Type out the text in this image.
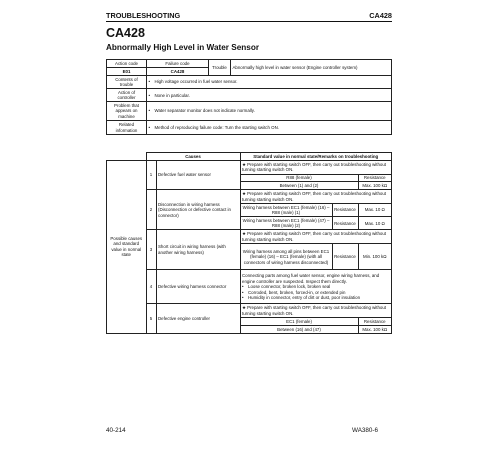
TROUBLESHOOTING	CA428
CA428
Abnormally High Level in Water Sensor
Action code	Failure code	Trouble	Abnormally high level in water sensor (Engine controller system)
E01	CA428		
Contents of trouble	• High voltage occurred in fuel water sensor.		
Action of controller	• None in particular.		
Problem that appears on machine	• Water separator monitor does not indicate normally.		
Related information	• Method of reproducing failure code: Turn the starting switch ON.		
	Causes		Standard value in normal state/Remarks on troubleshooting		
Possible causes and standard value in normal state	1	Defective fuel water sensor	★ Prepare with starting switch OFF, then carry out troubleshooting without turning starting switch ON.		
			R88 (female)		Resistance
			Between (1) and (2)		Max. 100 kΩ
	2	Disconnection in wiring harness (Disconnection or defective contact in connector)	★ Prepare with starting switch OFF, then carry out troubleshooting without turning starting switch ON.		
			Wiring harness between EC1 (female) (16) – R88 (male) (1)	Resistance	Max. 10 Ω
			Wiring harness between EC1 (female) (47) – R88 (male) (2)	Resistance	Max. 10 Ω
	3	Short circuit in wiring harness (with another wiring harness)	★ Prepare with starting switch OFF, then carry out troubleshooting without turning starting switch ON.		
			Wiring harness among all pins between EC1 (female) (16) – EC1 (female) (with all connectors of wiring harness disconnected)	Resistance	Min. 100 kΩ
	4	Defective wiring harness connector	Connecting parts among fuel water sensor, engine wiring harness, and engine controller are suspected. Inspect them directly.
• Loose connector, broken lock, broken seal
• Corroded, bent, broken, forced-in, or extended pin
• Humidity in connector, entry of dirt or dust, poor insulation		

	5	Defective engine controller	★ Prepare with starting switch OFF, then carry out troubleshooting without turning starting switch ON.		
			EC1 (female)		Resistance
			Between (16) and (47)		Max. 100 kΩ
40-214	WA380-6
